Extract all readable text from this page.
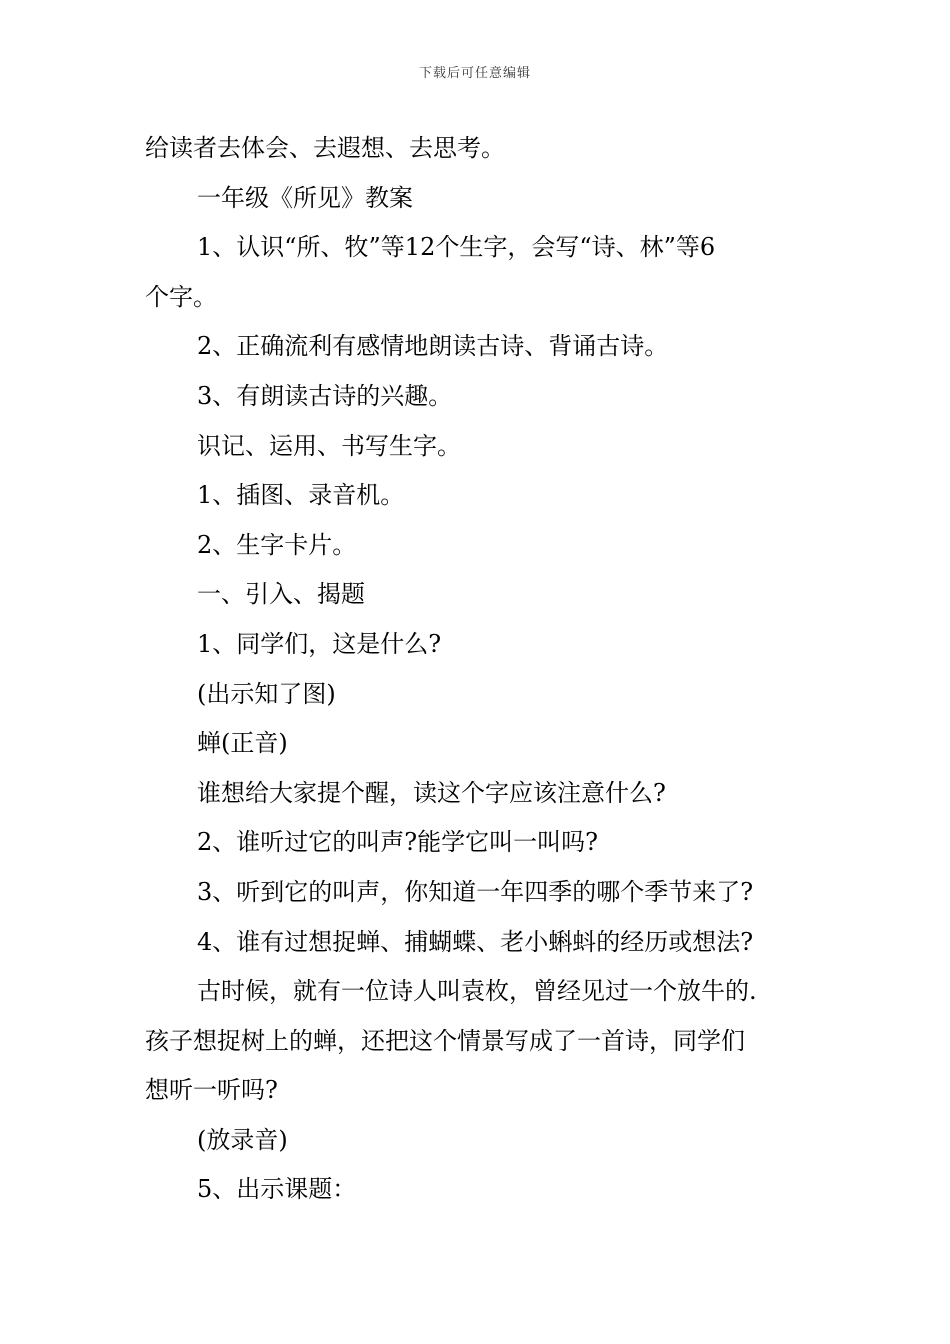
下载后可任意编辑

给读者去体会、去遐想、去思考。

一年级《所见》教案

1、认识“所、牧”等12个生字，会写“诗、林”等6

个字。

2、正确流利有感情地朗读古诗、背诵古诗。

3、有朗读古诗的兴趣。

识记、运用、书写生字。

1、插图、录音机。

2、生字卡片。

一、引入、揭题

1、同学们，这是什么?

(出示知了图)

蝉(正音)

谁想给大家提个醒，读这个字应该注意什么?

2、谁听过它的叫声?能学它叫一叫吗?

3、听到它的叫声，你知道一年四季的哪个季节来了?

4、谁有过想捉蝉、捕蝴蝶、老小蝌蚪的经历或想法?

古时候，就有一位诗人叫袁枚，曾经见过一个放牛的.

孩子想捉树上的蝉，还把这个情景写成了一首诗，同学们

想听一听吗?

(放录音)

5、出示课题：
